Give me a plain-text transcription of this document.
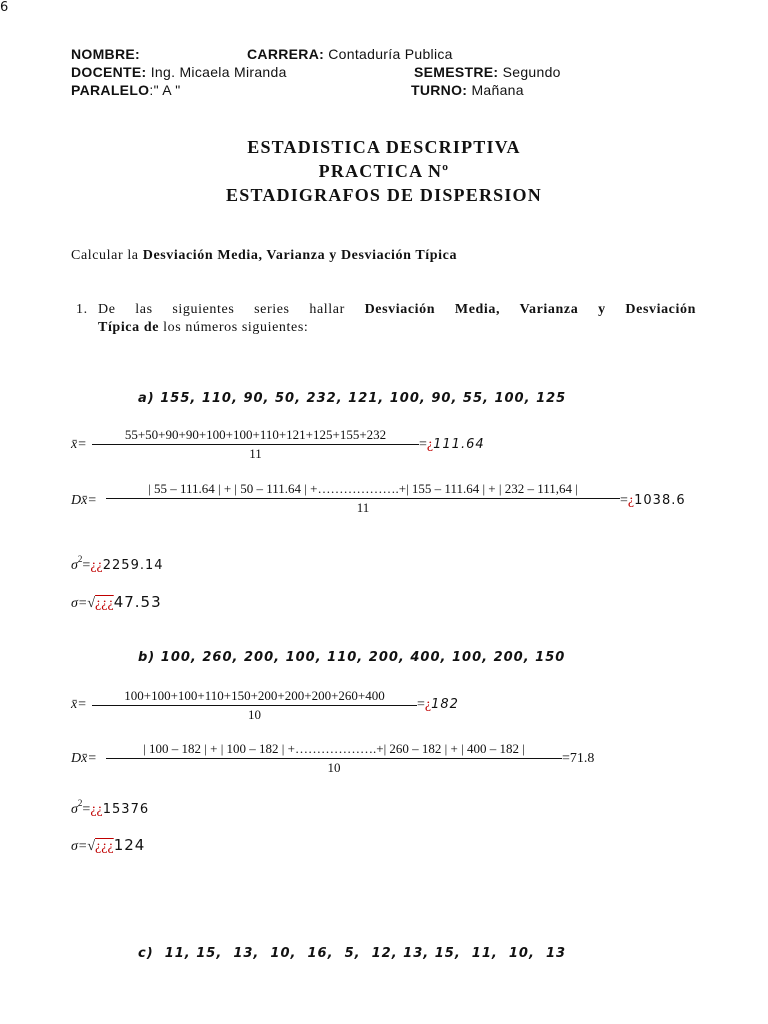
NOMBRE:	CARRERA: Contaduría Publica
DOCENTE: Ing. Micaela Miranda	SEMESTRE: Segundo
PARALELO:" A "	TURNO: Mañana
ESTADISTICA DESCRIPTIVA
PRACTICA Nº
ESTADIGRAFOS DE DISPERSION
Calcular la Desviación Media, Varianza y Desviación Típica
1. De las siguientes series hallar Desviación Media, Varianza y Desviación
Típica de los números siguientes:
a) 155, 110, 90, 50, 232, 121, 100, 90, 55, 100, 125
x̄=
55+50+90+90+100+100+110+121+125+155+232
11
=¿111.64
Dx̄=
| 55 – 111.64 | + | 50 – 111.64 | +……………….+| 155 – 111.64 | + | 232 – 111,64 |
11	=¿1038.6
6
$\sigma^2=¿¿2259.14$
σ=√¿¿¿47.53
b) 100, 260, 200, 100, 110, 200, 400, 100, 200, 150
x̄=
100+100+100+110+150+200+200+200+260+400
10
=¿182
Dx̄=
| 100 – 182 | + | 100 – 182 | +……………….+| 260 – 182 | + | 400 – 182 |
10
=71.8
$\sigma^2=¿¿15376$
σ=√¿¿¿124
c)  11, 15,  13,  10,  16,  5,  12, 13, 15,  11,  10,  13
